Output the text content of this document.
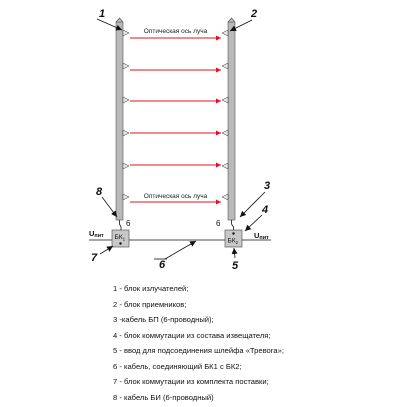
Оптическая ось луча
Оптическая ось луча
$БК_1$	$БК_2$
6	6
Uпит	Uпит
1	2
3
4
5
6
7
8
1 - блок излучателей;
2 - блок приемников;
3 -кабель БП (6-проводный);
4 - блок коммутации из состава извещателя;
5 - ввод для подсоединения шлейфа «Тревога»;
6 - кабель, соединяющий БК1 с БК2;
7 - блок коммутации из комплекта поставки;
8 - кабель БИ (6-проводный)
